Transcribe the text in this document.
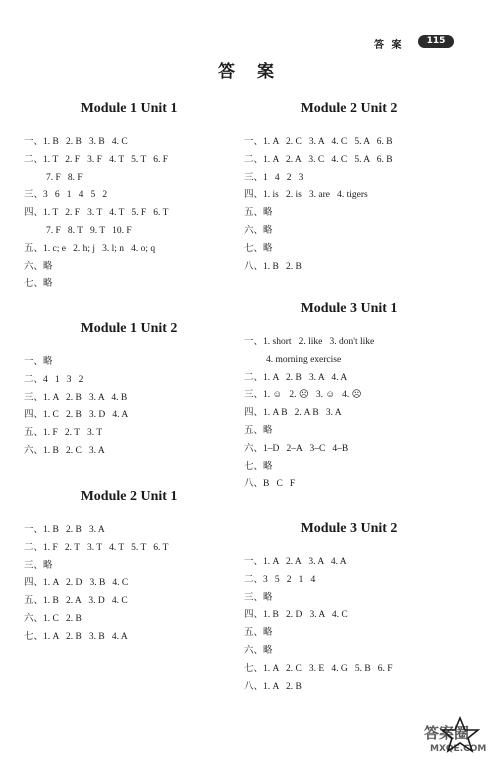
答 案	115
答 案
Module 1 Unit 1
一、1. B   2. B   3. B   4. C
二、1. T   2. F   3. F   4. T   5. T   6. F
7. F   8. F
三、3   6   1   4   5   2
四、1. T   2. F   3. T   4. T   5. F   6. T
7. F   8. T   9. T   10. F
五、1. c; e   2. h; j   3. l; n   4. o; q
六、略
七、略
Module 1 Unit 2
一、略
二、4   1   3   2
三、1. A   2. B   3. A   4. B
四、1. C   2. B   3. D   4. A
五、1. F   2. T   3. T
六、1. B   2. C   3. A
Module 2 Unit 1
一、1. B   2. B   3. A
二、1. F   2. T   3. T   4. T   5. T   6. T
三、略
四、1. A   2. D   3. B   4. C
五、1. B   2. A   3. D   4. C
六、1. C   2. B
七、1. A   2. B   3. B   4. A
Module 2 Unit 2
一、1. A   2. C   3. A   4. C   5. A   6. B
二、1. A   2. A   3. C   4. C   5. A   6. B
三、1   4   2   3
四、1. is   2. is   3. are   4. tigers
五、略
六、略
七、略
八、1. B   2. B
Module 3 Unit 1
一、1. short   2. like   3. don't like
4. morning exercise
二、1. A   2. B   3. A   4. A
三、1. ☺   2. ☹   3. ☺   4. ☹
四、1. A B   2. A B   3. A
五、略
六、1–D   2–A   3–C   4–B
七、略
八、B   C   F
Module 3 Unit 2
一、1. A   2. A   3. A   4. A
二、3   5   2   1   4
三、略
四、1. B   2. D   3. A   4. C
五、略
六、略
七、1. A   2. C   3. E   4. G   5. B   6. F
八、1. A   2. B
答案圈
MXQE.COM
